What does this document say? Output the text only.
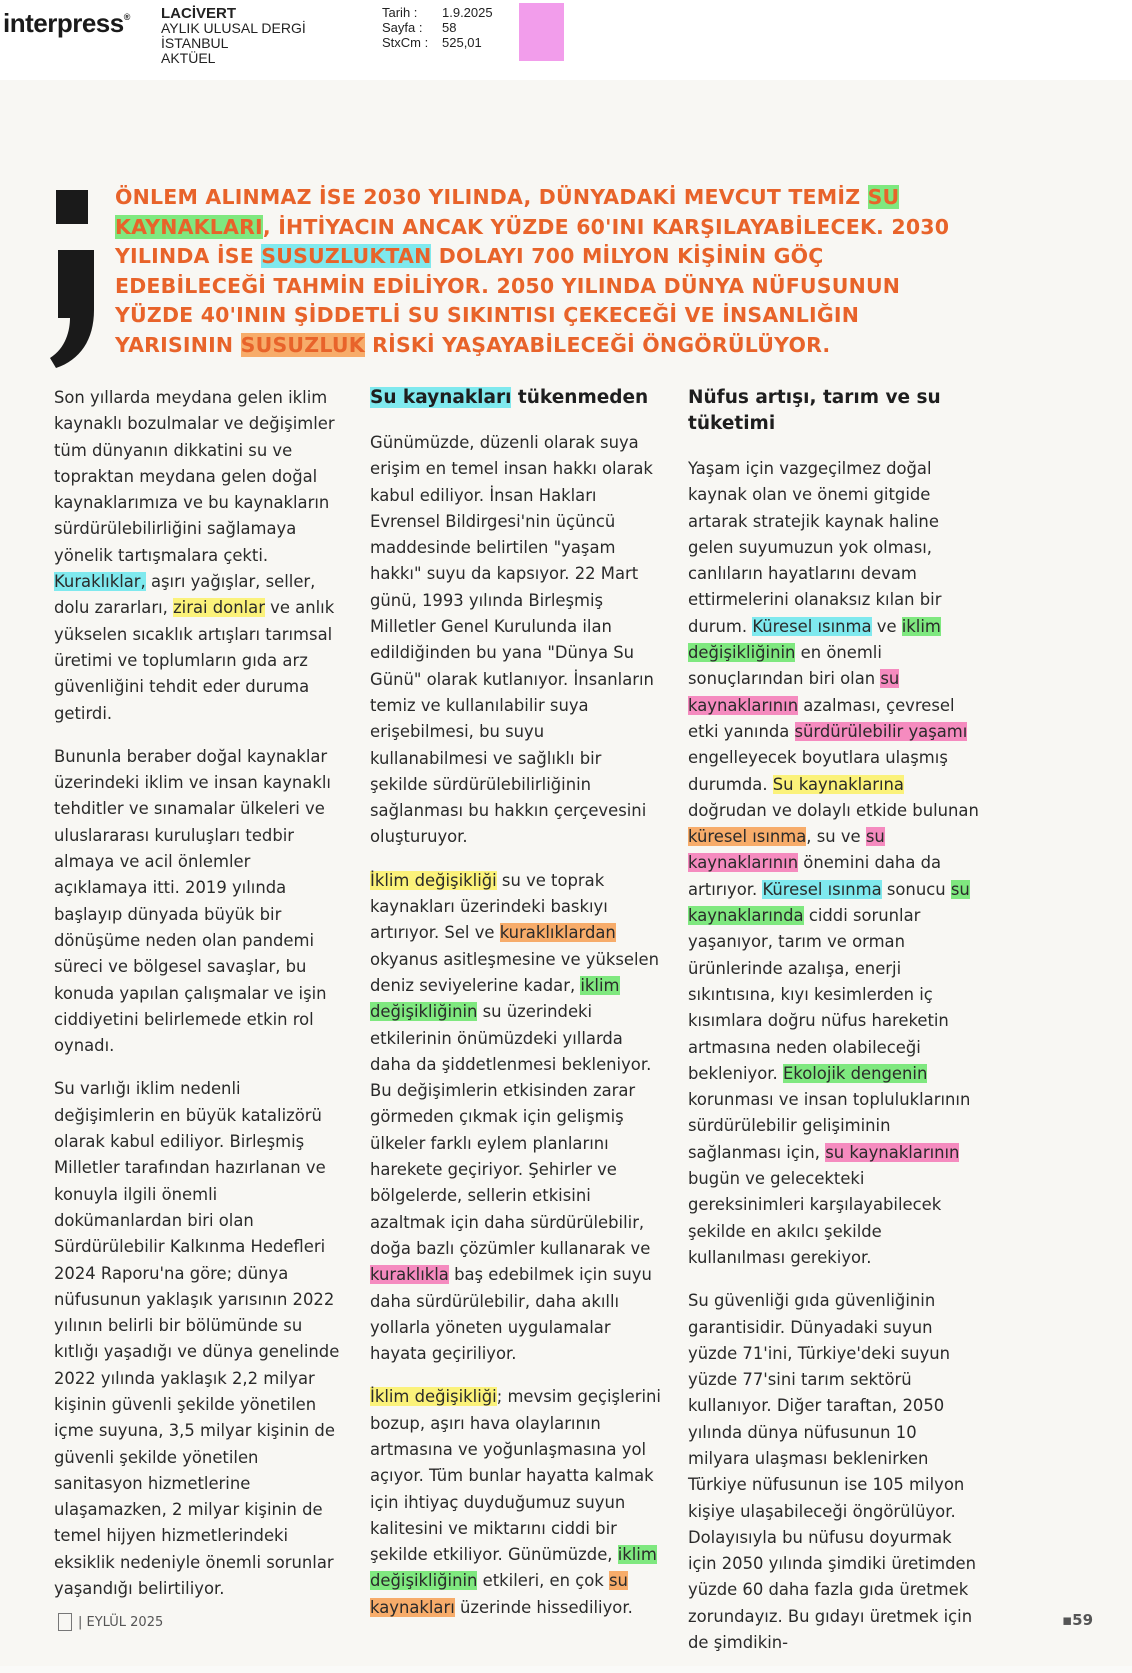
interpress® LACİVERT
AYLIK ULUSAL DERGİ
İSTANBUL
AKTÜEL
Tarih :	1.9.2025
Sayfa :	58
StxCm :	525,01
ÖNLEM ALINMAZ İSE 2030 YILINDA, DÜNYADAKİ MEVCUT TEMİZ SU KAYNAKLARI, İHTİYACIN ANCAK YÜZDE 60'INI KARŞILAYABİLECEK. 2030 YILINDA İSE SUSUZLUKTAN DOLAYI 700 MİLYON KİŞİNİN GÖÇ EDEBİLECEĞİ TAHMİN EDİLİYOR. 2050 YILINDA DÜNYA NÜFUSUNUN YÜZDE 40'ININ ŞİDDETLİ SU SIKINTISI ÇEKECEĞİ VE İNSANLIĞIN YARISININ SUSUZLUK RİSKİ YAŞAYABİLECEĞİ ÖNGÖRÜLÜYOR.

Son yıllarda meydana gelen iklim kaynaklı bozulmalar ve değişimler tüm dünyanın dikkatini su ve topraktan meydana gelen doğal kaynaklarımıza ve bu kaynakların sürdürülebilirliğini sağlamaya yönelik tartışmalara çekti. Kuraklıklar, aşırı yağışlar, seller, dolu zararları, zirai donlar ve anlık yükselen sıcaklık artışları tarımsal üretimi ve toplumların gıda arz güvenliğini tehdit eder duruma getirdi.

Bununla beraber doğal kaynaklar üzerindeki iklim ve insan kaynaklı tehditler ve sınamalar ülkeleri ve uluslararası kuruluşları tedbir almaya ve acil önlemler açıklamaya itti. 2019 yılında başlayıp dünyada büyük bir dönüşüme neden olan pandemi süreci ve bölgesel savaşlar, bu konuda yapılan çalışmalar ve işin ciddiyetini belirlemede etkin rol oynadı.

Su varlığı iklim nedenli değişimlerin en büyük katalizörü olarak kabul ediliyor. Birleşmiş Milletler tarafından hazırlanan ve konuyla ilgili önemli dokümanlardan biri olan Sürdürülebilir Kalkınma Hedefleri 2024 Raporu'na göre; dünya nüfusunun yaklaşık yarısının 2022 yılının belirli bir bölümünde su kıtlığı yaşadığı ve dünya genelinde 2022 yılında yaklaşık 2,2 milyar kişinin güvenli şekilde yönetilen içme suyuna, 3,5 milyar kişinin de güvenli şekilde yönetilen sanitasyon hizmetlerine ulaşamazken, 2 milyar kişinin de temel hijyen hizmetlerindeki eksiklik nedeniyle önemli sorunlar yaşandığı belirtiliyor.

Su kaynakları tükenmeden

Günümüzde, düzenli olarak suya erişim en temel insan hakkı olarak kabul ediliyor. İnsan Hakları Evrensel Bildirgesi'nin üçüncü maddesinde belirtilen "yaşam hakkı" suyu da kapsıyor. 22 Mart günü, 1993 yılında Birleşmiş Milletler Genel Kurulunda ilan edildiğinden bu yana "Dünya Su Günü" olarak kutlanıyor. İnsanların temiz ve kullanılabilir suya erişebilmesi, bu suyu kullanabilmesi ve sağlıklı bir şekilde sürdürülebilirliğinin sağlanması bu hakkın çerçevesini oluşturuyor.

İklim değişikliği su ve toprak kaynakları üzerindeki baskıyı artırıyor. Sel ve kuraklıklardan okyanus asitleşmesine ve yükselen deniz seviyelerine kadar, iklim değişikliğinin su üzerindeki etkilerinin önümüzdeki yıllarda daha da şiddetlenmesi bekleniyor. Bu değişimlerin etkisinden zarar görmeden çıkmak için gelişmiş ülkeler farklı eylem planlarını harekete geçiriyor. Şehirler ve bölgelerde, sellerin etkisini azaltmak için daha sürdürülebilir, doğa bazlı çözümler kullanarak ve kuraklıkla baş edebilmek için suyu daha sürdürülebilir, daha akıllı yollarla yöneten uygulamalar hayata geçiriliyor.

İklim değişikliği; mevsim geçişlerini bozup, aşırı hava olaylarının artmasına ve yoğunlaşmasına yol açıyor. Tüm bunlar hayatta kalmak için ihtiyaç duyduğumuz suyun kalitesini ve miktarını ciddi bir şekilde etkiliyor. Günümüzde, iklim değişikliğinin etkileri, en çok su kaynakları üzerinde hissediliyor.

Nüfus artışı, tarım ve su tüketimi

Yaşam için vazgeçilmez doğal kaynak olan ve önemi gitgide artarak stratejik kaynak haline gelen suyumuzun yok olması, canlıların hayatlarını devam ettirmelerini olanaksız kılan bir durum. Küresel ısınma ve iklim değişikliğinin en önemli sonuçlarından biri olan su kaynaklarının azalması, çevresel etki yanında sürdürülebilir yaşamı engelleyecek boyutlara ulaşmış durumda. Su kaynaklarına doğrudan ve dolaylı etkide bulunan küresel ısınma, su ve su kaynaklarının önemini daha da artırıyor. Küresel ısınma sonucu su kaynaklarında ciddi sorunlar yaşanıyor, tarım ve orman ürünlerinde azalışa, enerji sıkıntısına, kıyı kesimlerden iç kısımlara doğru nüfus hareketin artmasına neden olabileceği bekleniyor. Ekolojik dengenin korunması ve insan topluluklarının sürdürülebilir gelişiminin sağlanması için, su kaynaklarının bugün ve gelecekteki gereksinimleri karşılayabilecek şekilde en akılcı şekilde kullanılması gerekiyor.

Su güvenliği gıda güvenliğinin garantisidir. Dünyadaki suyun yüzde 71'ini, Türkiye'deki suyun yüzde 77'sini tarım sektörü kullanıyor. Diğer taraftan, 2050 yılında dünya nüfusunun 10 milyara ulaşması beklenirken Türkiye nüfusunun ise 105 milyon kişiye ulaşabileceği öngörülüyor. Dolayısıyla bu nüfusu doyurmak için 2050 yılında şimdiki üretimden yüzde 60 daha fazla gıda üretmek zorundayız. Bu gıdayı üretmek için de şimdikin-

| EYLÜL 2025	▪59
